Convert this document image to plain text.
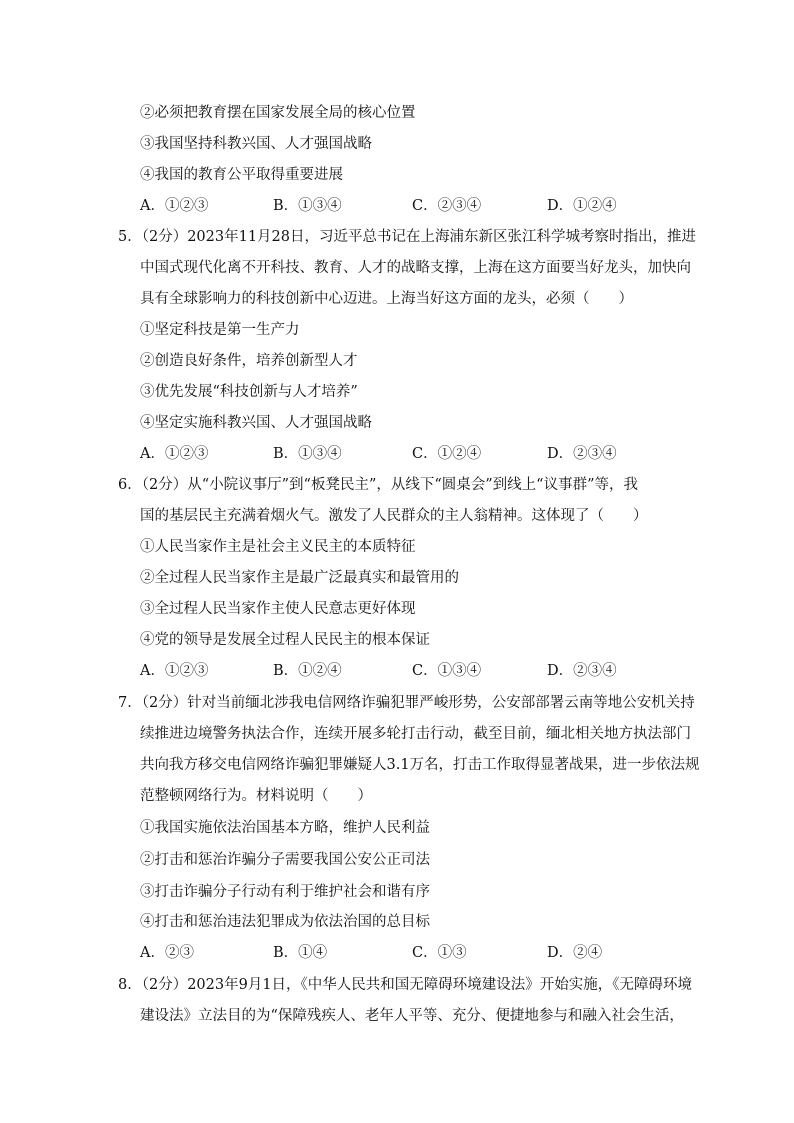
②必须把教育摆在国家发展全局的核心位置
③我国坚持科教兴国、人才强国战略
④我国的教育公平取得重要进展
A．①②③	B．①③④	C．②③④	D．①②④
5．（2分）2023年11月28日，习近平总书记在上海浦东新区张江科学城考察时指出，推进
中国式现代化离不开科技、教育、人才的战略支撑，上海在这方面要当好龙头，加快向
具有全球影响力的科技创新中心迈进。上海当好这方面的龙头，必须（　　）
①坚定科技是第一生产力
②创造良好条件，培养创新型人才
③优先发展“科技创新与人才培养”
④坚定实施科教兴国、人才强国战略
A．①②③	B．①③④	C．①②④	D．②③④
6．（2分）从“小院议事厅”到“板凳民主”，从线下“圆桌会”到线上“议事群”等，我
国的基层民主充满着烟火气。激发了人民群众的主人翁精神。这体现了（　　）
①人民当家作主是社会主义民主的本质特征
②全过程人民当家作主是最广泛最真实和最管用的
③全过程人民当家作主使人民意志更好体现
④党的领导是发展全过程人民民主的根本保证
A．①②③	B．①②④	C．①③④	D．②③④
7．（2分）针对当前缅北涉我电信网络诈骗犯罪严峻形势，公安部部署云南等地公安机关持
续推进边境警务执法合作，连续开展多轮打击行动，截至目前，缅北相关地方执法部门
共向我方移交电信网络诈骗犯罪嫌疑人3.1万名，打击工作取得显著战果，进一步依法规
范整顿网络行为。材料说明（　　）
①我国实施依法治国基本方略，维护人民利益
②打击和惩治诈骗分子需要我国公安公正司法
③打击诈骗分子行动有利于维护社会和谐有序
④打击和惩治违法犯罪成为依法治国的总目标
A．②③	B．①④	C．①③	D．②④
8．（2分）2023年9月1日，《中华人民共和国无障碍环境建设法》开始实施，《无障碍环境
建设法》立法目的为“保障残疾人、老年人平等、充分、便捷地参与和融入社会生活，
